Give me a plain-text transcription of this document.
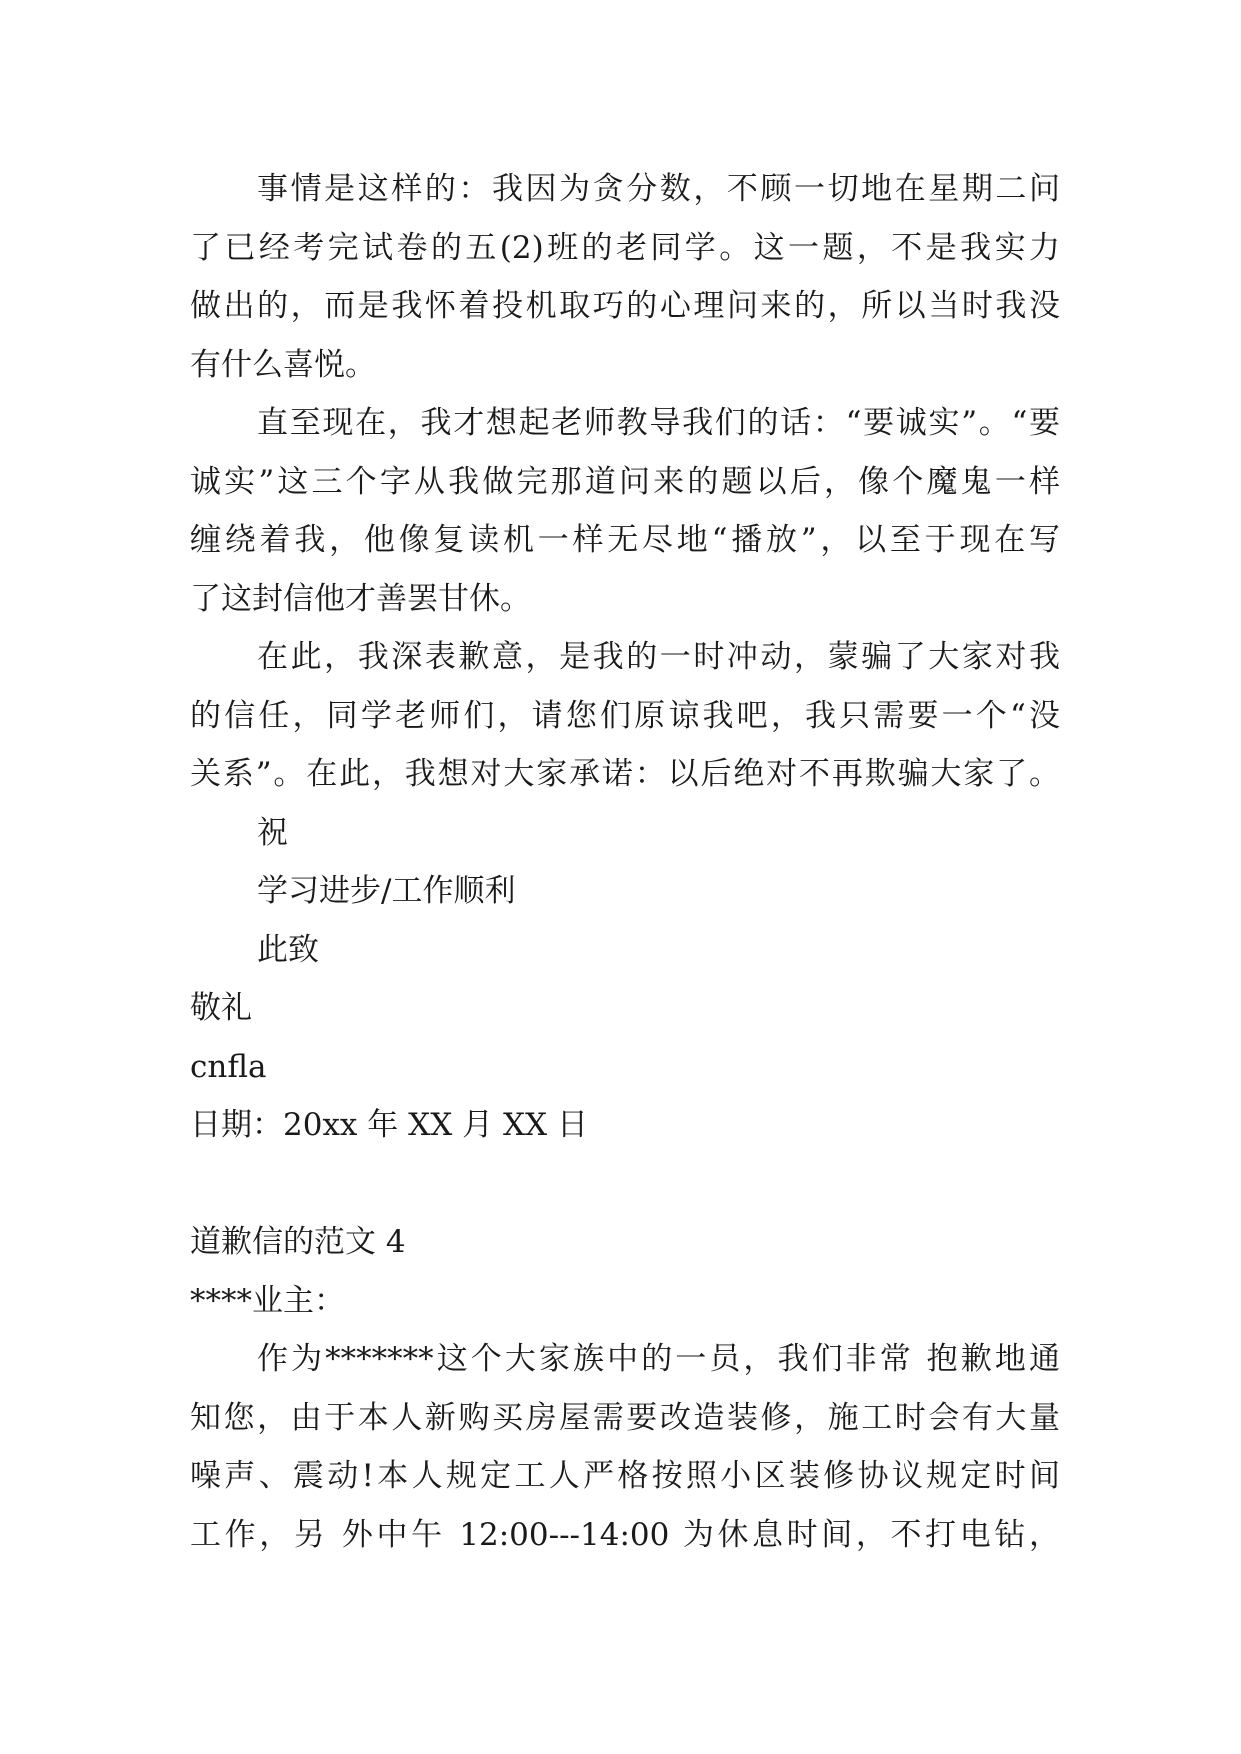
事情是这样的：我因为贪分数，不顾一切地在星期二问
了已经考完试卷的五(2)班的老同学。这一题，不是我实力
做出的，而是我怀着投机取巧的心理问来的，所以当时我没
有什么喜悦。
直至现在，我才想起老师教导我们的话：“要诚实”。“要
诚实”这三个字从我做完那道问来的题以后，像个魔鬼一样
缠绕着我，他像复读机一样无尽地“播放”，以至于现在写
了这封信他才善罢甘休。
在此，我深表歉意，是我的一时冲动，蒙骗了大家对我
的信任，同学老师们，请您们原谅我吧，我只需要一个“没
关系”。在此，我想对大家承诺：以后绝对不再欺骗大家了。
祝
学习进步/工作顺利
此致
敬礼
cnfla
日期：20xx 年 XX 月 XX 日
道歉信的范文 4
****业主：
作为*******这个大家族中的一员，我们非常 抱歉地通
知您，由于本人新购买房屋需要改造装修，施工时会有大量
噪声、震动!本人规定工人严格按照小区装修协议规定时间
工作，另 外中午 12:00---14:00 为休息时间，不打电钻，
